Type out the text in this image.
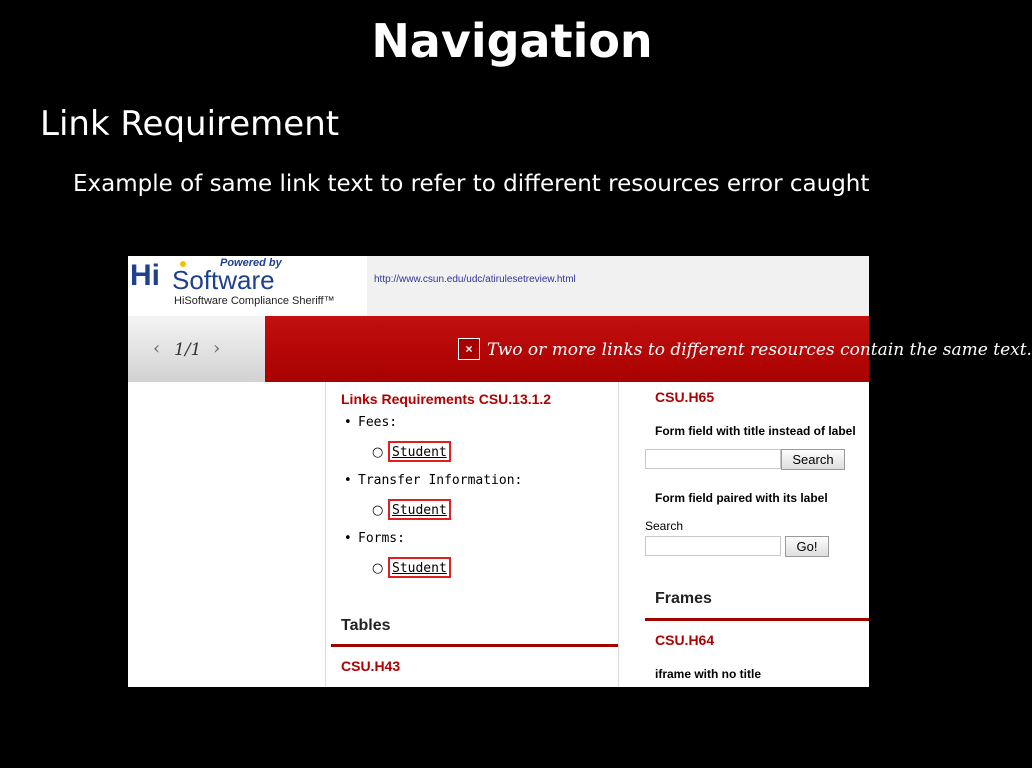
Navigation
Link Requirement
Example of same link text to refer to different resources error caught
Hi Software
Powered by
HiSoftware Compliance Sheriff™
http://www.csun.edu/udc/atirulesetreview.html
‹ 1/1 ›	× Two or more links to different resources contain the same text.
Links Requirements CSU.13.1.2
• Fees:
○ Student
• Transfer Information:
○ Student
• Forms:
○ Student
Tables
CSU.H43
CSU.H65
Form field with title instead of label
Search
Form field paired with its label
Search
Go!
Frames
CSU.H64
iframe with no title
